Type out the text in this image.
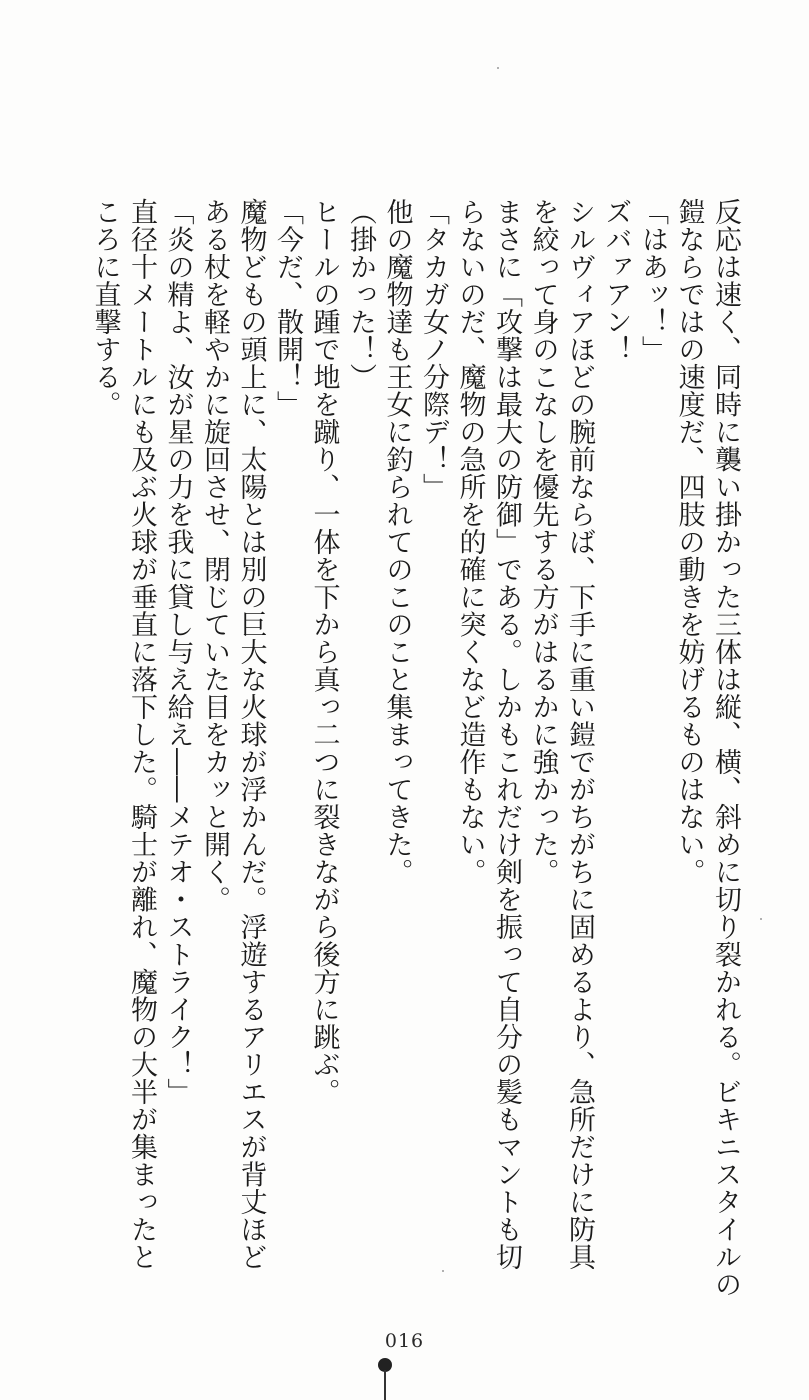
反応は速く、同時に襲い掛かった三体は縦、横、斜めに切り裂かれる。ビキニスタイルの
鎧ならではの速度だ、四肢の動きを妨げるものはない。
「はあッ！」
ズバァアン！
シルヴィアほどの腕前ならば、下手に重い鎧でがちがちに固めるより、急所だけに防具
を絞って身のこなしを優先する方がはるかに強かった。
まさに「攻撃は最大の防御」である。しかもこれだけ剣を振って自分の髪もマントも切
らないのだ、魔物の急所を的確に突くなど造作もない。
「タカガ女ノ分際デ！」
他の魔物達も王女に釣られてのこのこと集まってきた。
（掛かった！）
ヒールの踵で地を蹴り、一体を下から真っ二つに裂きながら後方に跳ぶ。
「今だ、散開！」
魔物どもの頭上に、太陽とは別の巨大な火球が浮かんだ。浮遊するアリエスが背丈ほど
ある杖を軽やかに旋回させ、閉じていた目をカッと開く。
「炎の精よ、汝が星の力を我に貸し与え給え――メテオ・ストライク！」
直径十メートルにも及ぶ火球が垂直に落下した。騎士が離れ、魔物の大半が集まったと
ころに直撃する。
016
